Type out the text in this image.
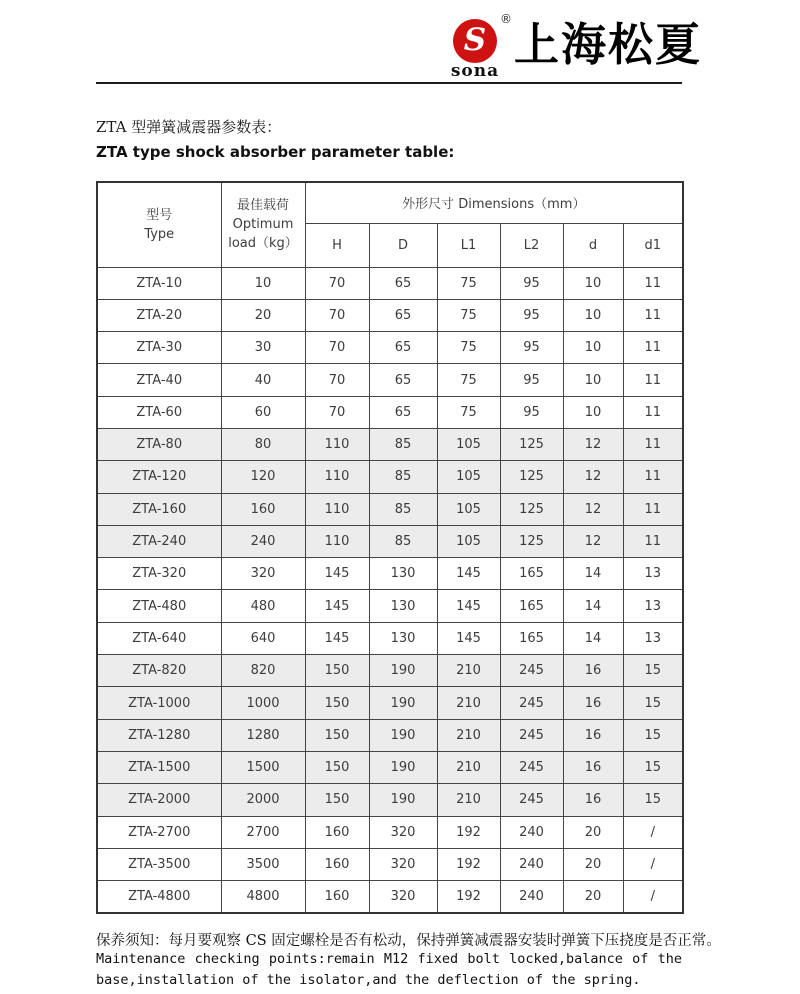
S
®
sona 上海松夏
ZTA 型弹簧减震器参数表：
ZTA type shock absorber parameter table:
型号
Type	最佳载荷
Optimum
load（kg）	外形尺寸 Dimensions（mm）					
		H	D	L1	L2	d	d1
ZTA-10	10	70	65	75	95	10	11
ZTA-20	20	70	65	75	95	10	11
ZTA-30	30	70	65	75	95	10	11
ZTA-40	40	70	65	75	95	10	11
ZTA-60	60	70	65	75	95	10	11
ZTA-80	80	110	85	105	125	12	11
ZTA-120	120	110	85	105	125	12	11
ZTA-160	160	110	85	105	125	12	11
ZTA-240	240	110	85	105	125	12	11
ZTA-320	320	145	130	145	165	14	13
ZTA-480	480	145	130	145	165	14	13
ZTA-640	640	145	130	145	165	14	13
ZTA-820	820	150	190	210	245	16	15
ZTA-1000	1000	150	190	210	245	16	15
ZTA-1280	1280	150	190	210	245	16	15
ZTA-1500	1500	150	190	210	245	16	15
ZTA-2000	2000	150	190	210	245	16	15
ZTA-2700	2700	160	320	192	240	20	/
ZTA-3500	3500	160	320	192	240	20	/
ZTA-4800	4800	160	320	192	240	20	/
保养须知：每月要观察 CS 固定螺栓是否有松动，保持弹簧减震器安装时弹簧下压挠度是否正常。
Maintenance checking points:remain M12 fixed bolt locked,balance of the
base,installation of the isolator,and the deflection of the spring.
